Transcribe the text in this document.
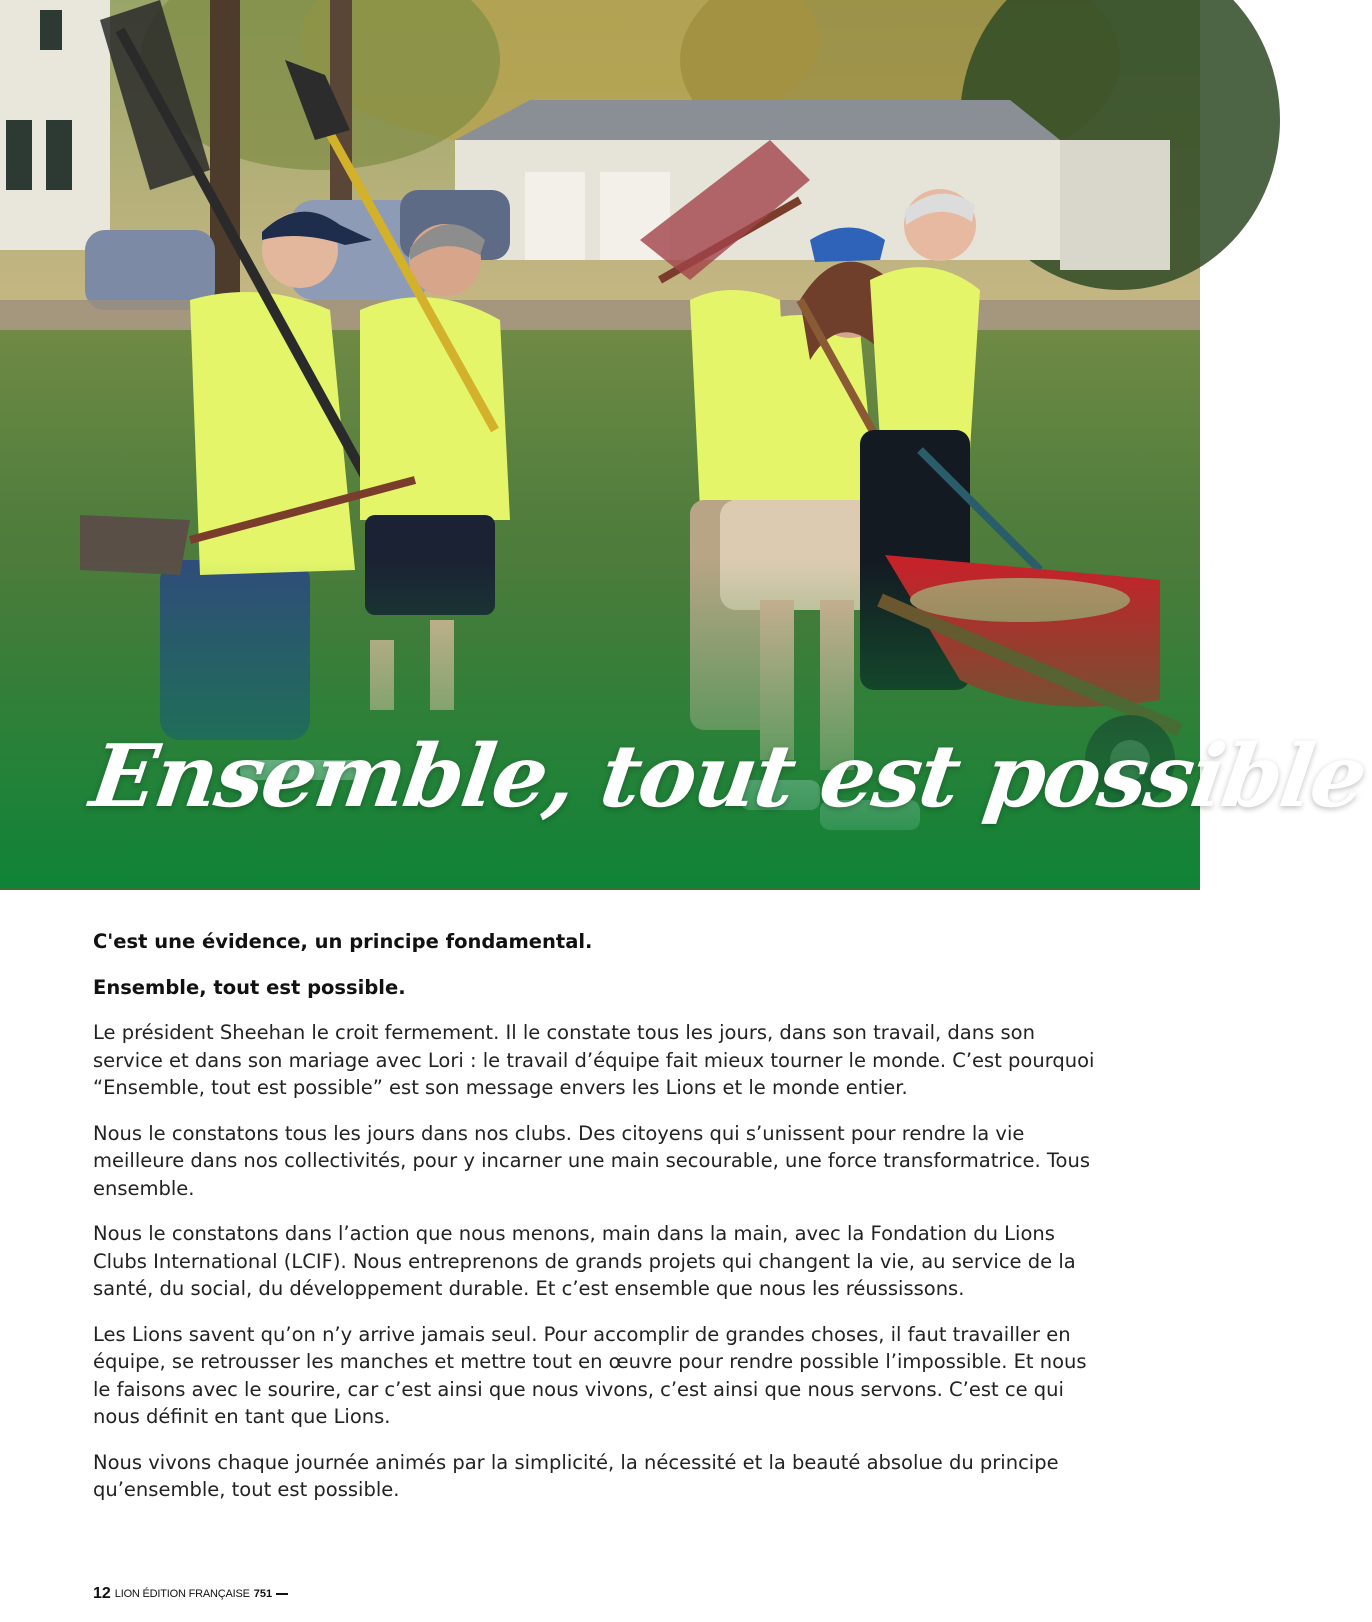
Ensemble, tout est possible

C'est une évidence, un principe fondamental.

Ensemble, tout est possible.

Le président Sheehan le croit fermement. Il le constate tous les jours, dans son travail, dans son service et dans son mariage avec Lori : le travail d’équipe fait mieux tourner le monde. C’est pourquoi “Ensemble, tout est possible” est son message envers les Lions et le monde entier.

Nous le constatons tous les jours dans nos clubs. Des citoyens qui s’unissent pour rendre la vie meilleure dans nos collectivités, pour y incarner une main secourable, une force transformatrice. Tous ensemble.

Nous le constatons dans l’action que nous menons, main dans la main, avec la Fondation du Lions Clubs International (LCIF). Nous entreprenons de grands projets qui changent la vie, au service de la santé, du social, du développement durable. Et c’est ensemble que nous les réussissons.

Les Lions savent qu’on n’y arrive jamais seul. Pour accomplir de grandes choses, il faut travailler en équipe, se retrousser les manches et mettre tout en œuvre pour rendre possible l’impossible. Et nous le faisons avec le sourire, car c’est ainsi que nous vivons, c’est ainsi que nous servons. C’est ce qui nous définit en tant que Lions.

Nous vivons chaque journée animés par la simplicité, la nécessité et la beauté absolue du principe qu’ensemble, tout est possible.

12 LION ÉDITION FRANÇAISE 751
